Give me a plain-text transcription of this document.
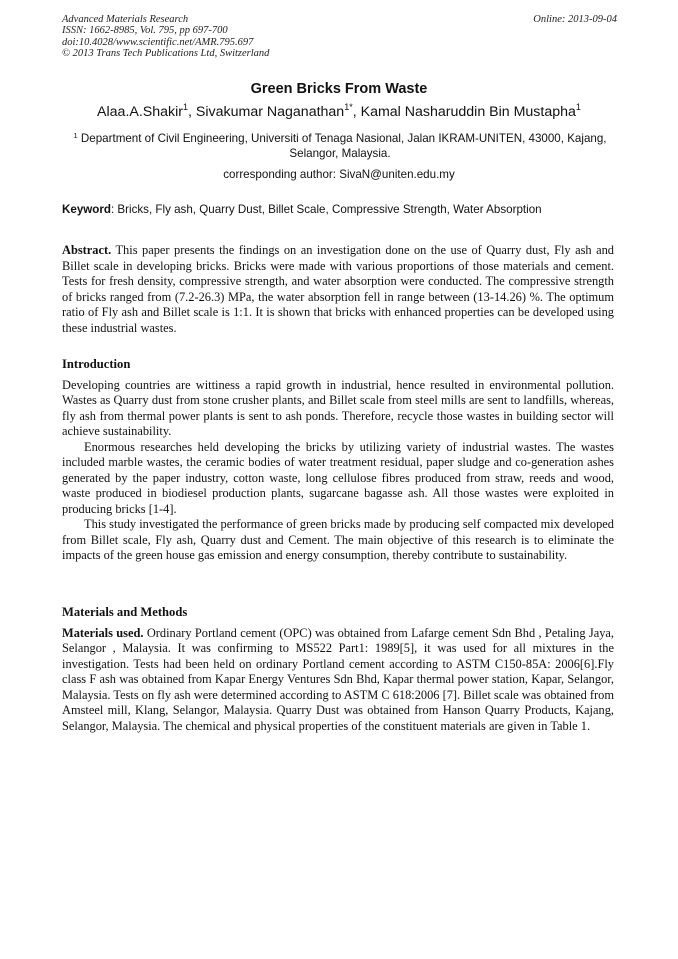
Advanced Materials Research
ISSN: 1662-8985, Vol. 795, pp 697-700
doi:10.4028/www.scientific.net/AMR.795.697
© 2013 Trans Tech Publications Ltd, Switzerland
Online: 2013-09-04
Green Bricks From Waste
Alaa.A.Shakir$^1$, Sivakumar Naganathan$^{1*}$, Kamal Nasharuddin Bin Mustapha$^1$
$^1$ Department of Civil Engineering, Universiti of Tenaga Nasional, Jalan IKRAM-UNITEN, 43000, Kajang, Selangor, Malaysia.
corresponding author: SivaN@uniten.edu.my
Keyword: Bricks, Fly ash, Quarry Dust, Billet Scale, Compressive Strength, Water Absorption

Abstract. This paper presents the findings on an investigation done on the use of Quarry dust, Fly ash and Billet scale in developing bricks. Bricks were made with various proportions of those materials and cement. Tests for fresh density, compressive strength, and water absorption were conducted. The compressive strength of bricks ranged from (7.2-26.3) MPa, the water absorption fell in range between (13-14.26) %. The optimum ratio of Fly ash and Billet scale is 1:1. It is shown that bricks with enhanced properties can be developed using these industrial wastes.

Introduction

Developing countries are wittiness a rapid growth in industrial, hence resulted in environmental pollution. Wastes as Quarry dust from stone crusher plants, and Billet scale from steel mills are sent to landfills, whereas, fly ash from thermal power plants is sent to ash ponds. Therefore, recycle those wastes in building sector will achieve sustainability.

Enormous researches held developing the bricks by utilizing variety of industrial wastes. The wastes included marble wastes, the ceramic bodies of water treatment residual, paper sludge and co-generation ashes generated by the paper industry, cotton waste, long cellulose fibres produced from straw, reeds and wood, waste produced in biodiesel production plants, sugarcane bagasse ash. All those wastes were exploited in producing bricks [1-4].

This study investigated the performance of green bricks made by producing self compacted mix developed from Billet scale, Fly ash, Quarry dust and Cement. The main objective of this research is to eliminate the impacts of the green house gas emission and energy consumption, thereby contribute to sustainability.

Materials and Methods

Materials used. Ordinary Portland cement (OPC) was obtained from Lafarge cement Sdn Bhd , Petaling Jaya, Selangor , Malaysia. It was confirming to MS522 Part1: 1989[5], it was used for all mixtures in the investigation. Tests had been held on ordinary Portland cement according to ASTM C150-85A: 2006[6].Fly class F ash was obtained from Kapar Energy Ventures Sdn Bhd, Kapar thermal power station, Kapar, Selangor, Malaysia. Tests on fly ash were determined according to ASTM C 618:2006 [7]. Billet scale was obtained from Amsteel mill, Klang, Selangor, Malaysia. Quarry Dust was obtained from Hanson Quarry Products, Kajang, Selangor, Malaysia. The chemical and physical properties of the constituent materials are given in Table 1.
